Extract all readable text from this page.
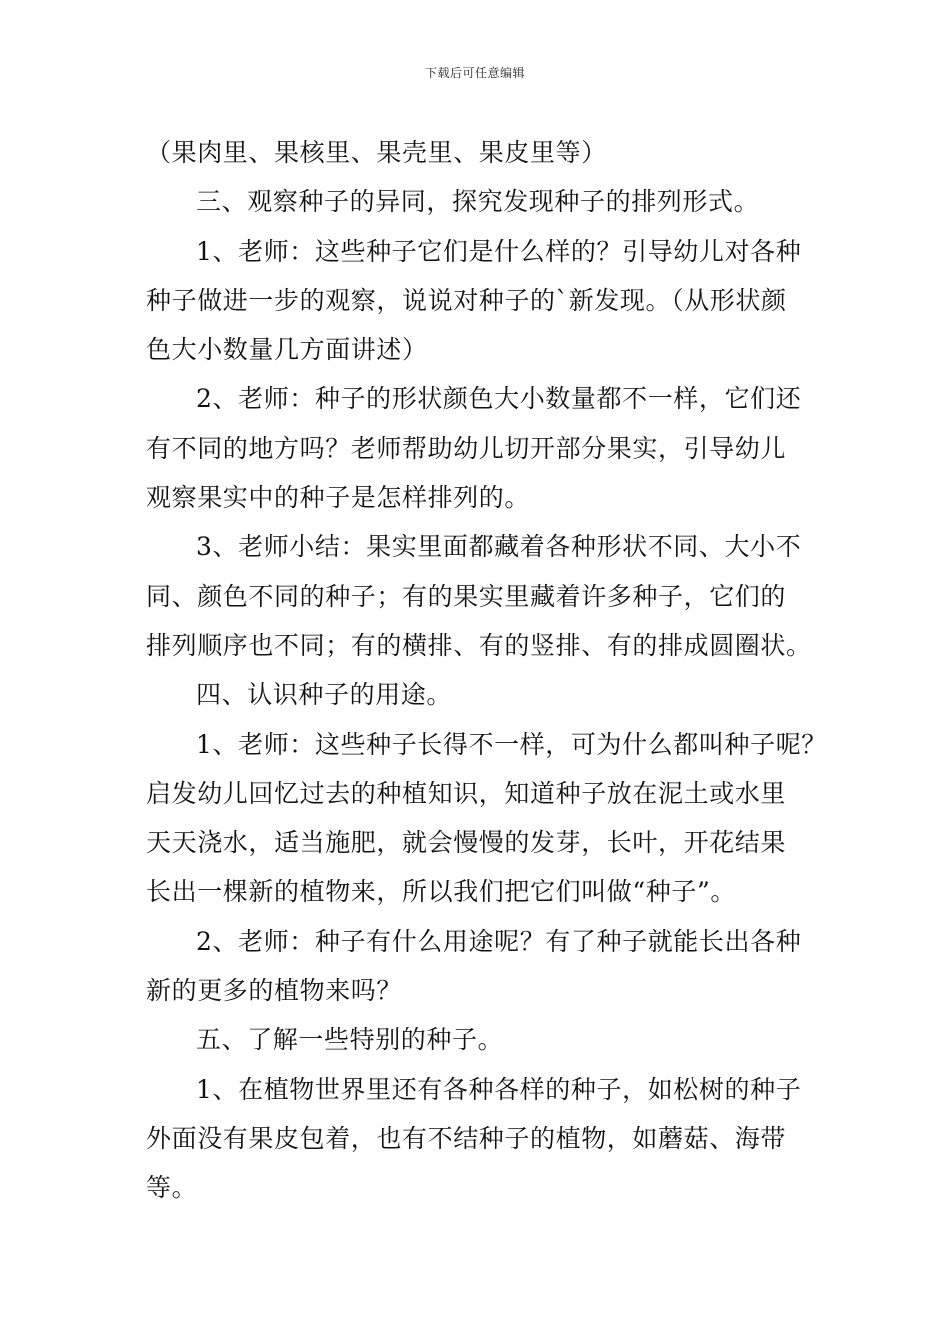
下载后可任意编辑
（果肉里、果核里、果壳里、果皮里等）
三、观察种子的异同，探究发现种子的排列形式。
1、老师：这些种子它们是什么样的？引导幼儿对各种
种子做进一步的观察，说说对种子的`新发现。（从形状颜
色大小数量几方面讲述）
2、老师：种子的形状颜色大小数量都不一样，它们还
有不同的地方吗？老师帮助幼儿切开部分果实，引导幼儿
观察果实中的种子是怎样排列的。
3、老师小结：果实里面都藏着各种形状不同、大小不
同、颜色不同的种子；有的果实里藏着许多种子，它们的
排列顺序也不同；有的横排、有的竖排、有的排成圆圈状。
四、认识种子的用途。
1、老师：这些种子长得不一样，可为什么都叫种子呢？
启发幼儿回忆过去的种植知识，知道种子放在泥土或水里
天天浇水，适当施肥，就会慢慢的发芽，长叶，开花结果
长出一棵新的植物来，所以我们把它们叫做“种子”。
2、老师：种子有什么用途呢？有了种子就能长出各种
新的更多的植物来吗？
五、了解一些特别的种子。
1、在植物世界里还有各种各样的种子，如松树的种子
外面没有果皮包着，也有不结种子的植物，如蘑菇、海带
等。
